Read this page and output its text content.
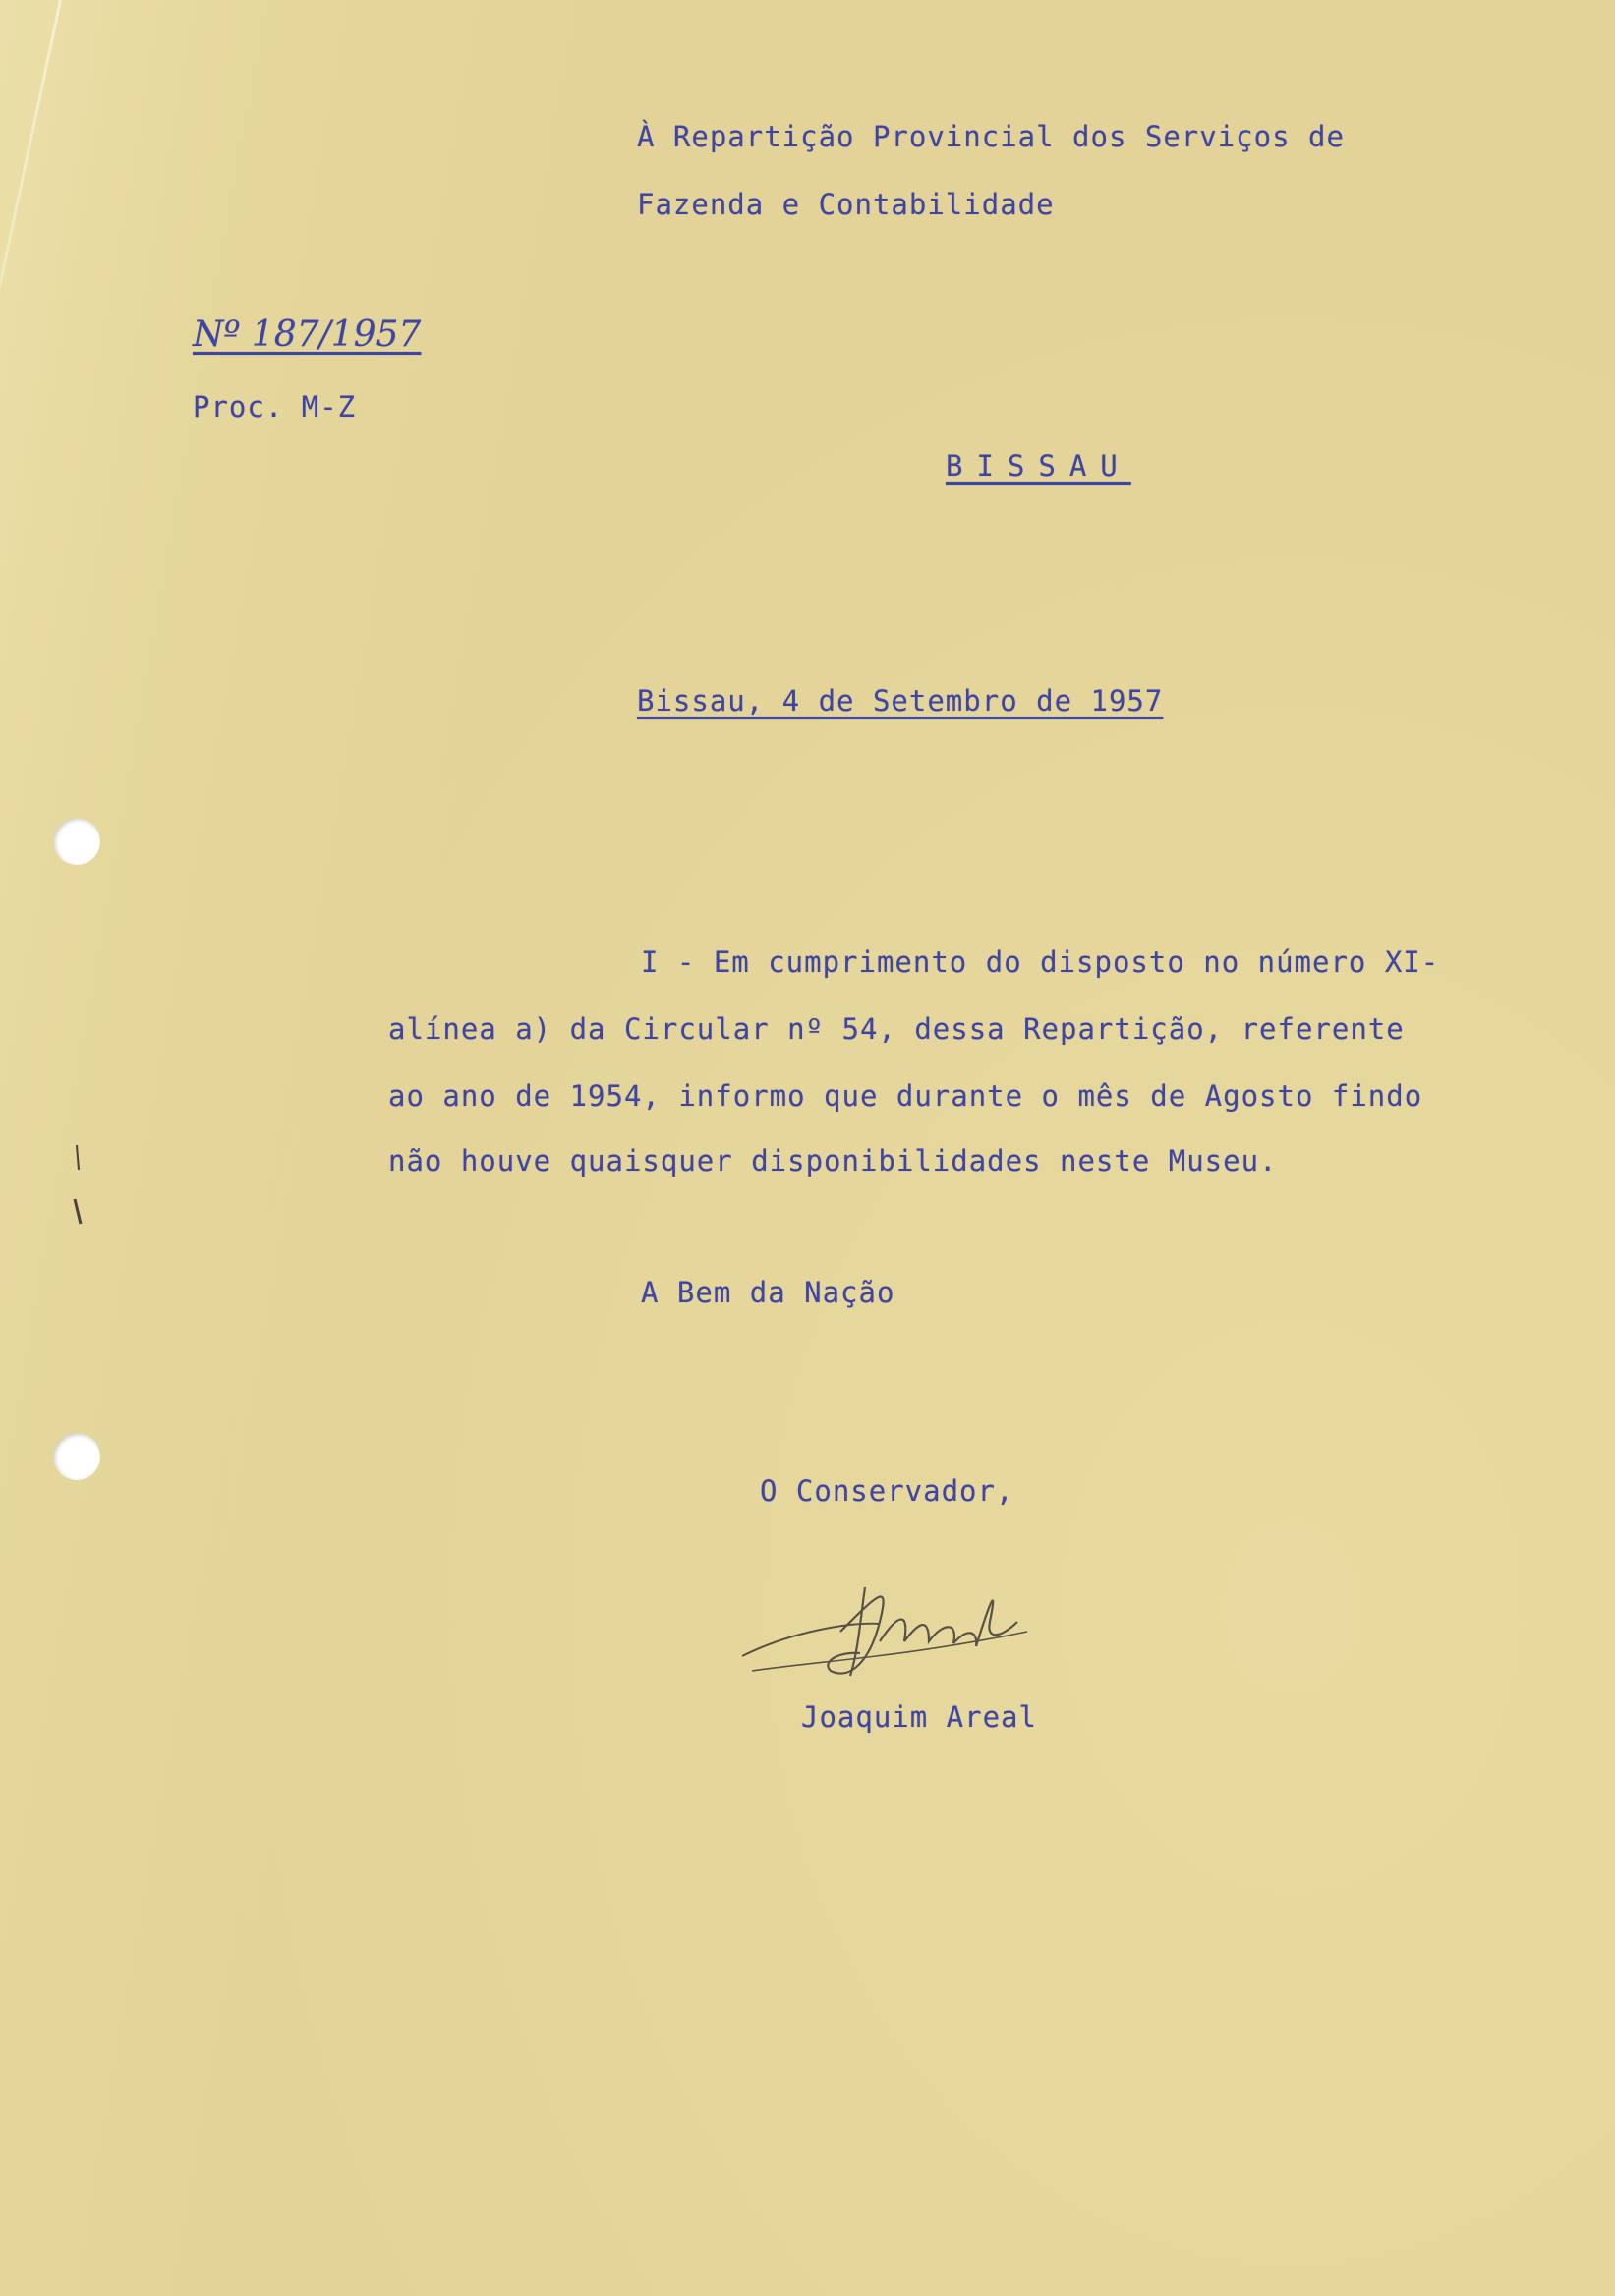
À Repartição Provincial dos Serviços de
Fazenda e Contabilidade
Nº 187/1957
Proc. M-Z
BISSAU
Bissau, 4 de Setembro de 1957
I - Em cumprimento do disposto no número XI-
alínea a) da Circular nº 54, dessa Repartição, referente
ao ano de 1954, informo que durante o mês de Agosto findo
não houve quaisquer disponibilidades neste Museu.
A Bem da Nação
O Conservador,
Joaquim Areal
